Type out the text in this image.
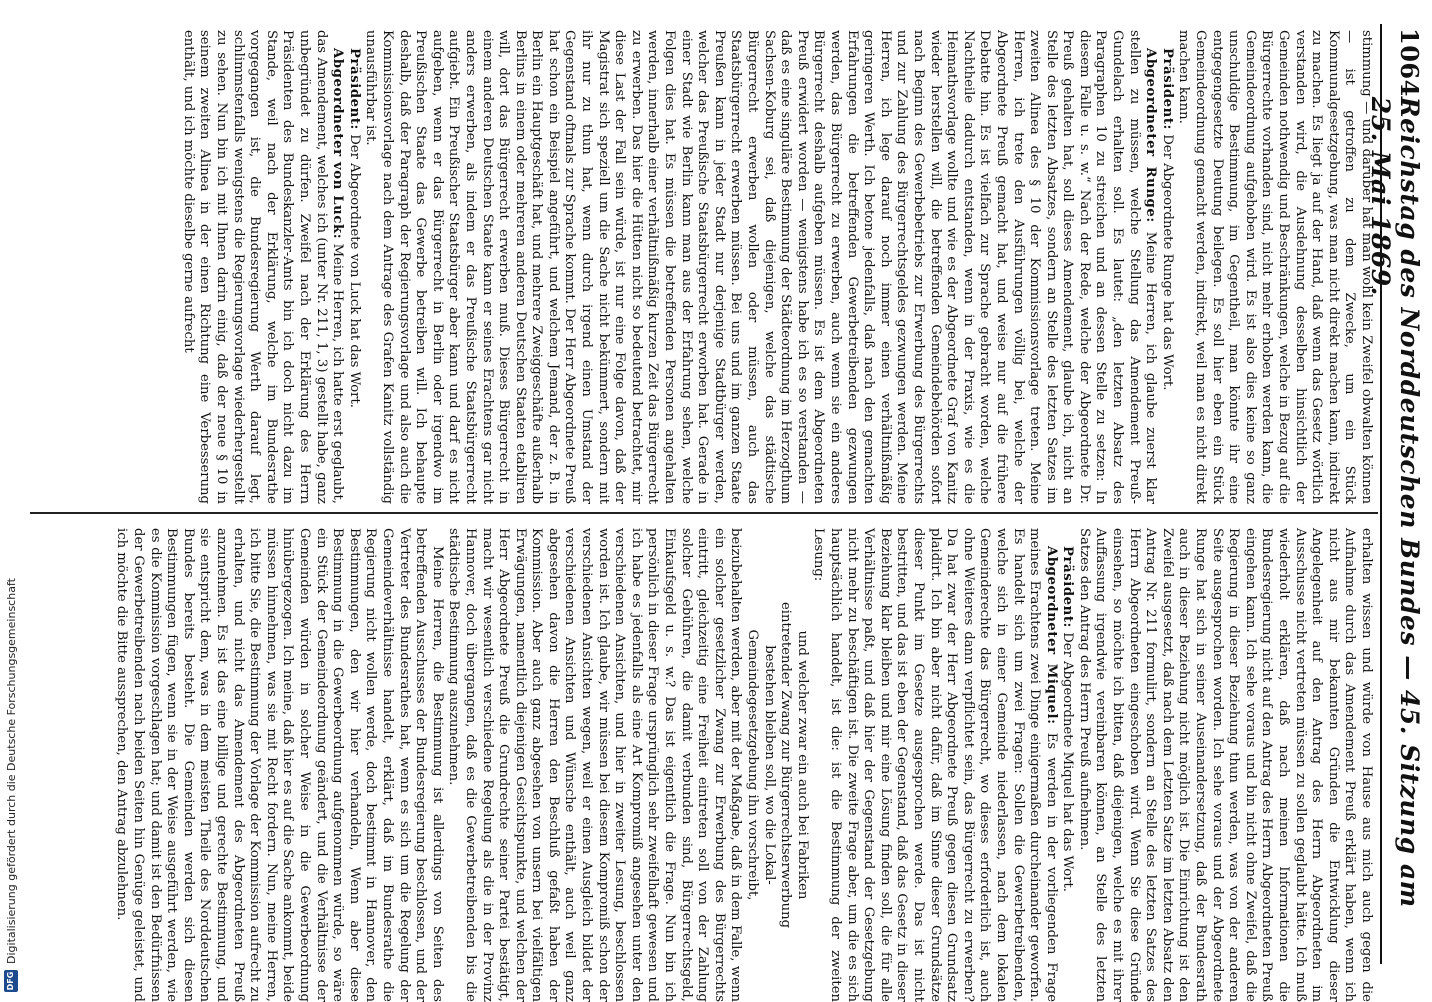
1064
Reichstag des Norddeutschen Bundes — 45. Sitzung am 25. Mai 1869.

stimmung — und darüber hat man wohl kein Zweifel obwalten können — ist getroffen zu dem Zwecke, um ein Stück Kommunalgesetzgebung, was man nicht direkt machen kann, indirekt zu machen. Es liegt ja auf der Hand, daß wenn das Gesetz wörtlich verstanden wird, die Ausdehnung desselben hinsichtlich der Gemeinden nothwendig und Beschränkungen, welche in Bezug auf die Bürgerrechte vorhanden sind, nicht mehr erhoben werden kann, die Gemeindeordnung aufgehoben wird. Es ist also dies keine so ganz unschuldige Bestimmung, im Gegentheil, man könnte ihr eine entgegengesetzte Deutung beilegen. Es soll hier eben ein Stück Gemeindeordnung gemacht werden, indirekt, weil man es nicht direkt machen kann.

Präsident: Der Abgeordnete Runge hat das Wort.

Abgeordneter Runge: Meine Herren, ich glaube zuerst klar stellen zu müssen, welche Stellung das Amendement Preuß-Gundelach erhalten soll. Es lautet: „den letzten Absatz des Paragraphen 10 zu streichen und an dessen Stelle zu setzen: In diesem Falle u. s. w.“ Nach der Rede, welche der Abgeordnete Dr. Preuß gehalten hat, soll dieses Amendement, glaube ich, nicht an Stelle des letzten Absatzes, sondern an Stelle des letzten Satzes im zweiten Alinea des § 10 der Kommissionsvorlage treten. Meine Herren, ich trete den Ausführungen völlig bei, welche der Abgeordnete Preuß gemacht hat, und weise nur auf die frühere Debatte hin. Es ist vielfach zur Sprache gebracht worden, welche Nachtheile dadurch entstanden, wenn in der Praxis, wie es die Heimathsvorlage wollte und wie es der Abgeordnete Graf von Kanitz wieder herstellen will, die betreffenden Gemeindebehörden sofort nach Beginn des Gewerbebetriebs zur Erwerbung des Bürgerrechts und zur Zahlung des Bürgerrechtsgeldes gezwungen werden. Meine Herren, ich lege darauf noch immer einen verhältnißmäßig geringeren Werth. Ich betone jedenfalls, daß nach den gemachten Erfahrungen die betreffenden Gewerbetreibenden gezwungen werden, das Bürgerrecht zu erwerben, auch wenn sie ein anderes Bürgerrecht deshalb aufgeben müssen. Es ist dem Abgeordneten Preuß erwidert worden — wenigstens habe ich es so verstanden — daß es eine singuläre Bestimmung der Städteordnung im Herzogthum Sachsen-Koburg sei, daß diejenigen, welche das städtische Bürgerrecht erwerben wollen oder müssen, auch das Staatsbürgerrecht erwerben müssen. Bei uns und im ganzen Staate Preußen kann in jeder Stadt nur derjenige Stadtbürger werden, welcher das Preußische Staatsbürgerrecht erworben hat. Gerade in einer Stadt wie Berlin kann man aus der Erfahrung sehen, welche Folgen dies hat. Es müssen die betreffenden Personen angehalten werden, innerhalb einer verhältnißmäßig kurzen Zeit das Bürgerrecht zu erwerben. Das hier die Hütten nicht so bedeutend betrachtet, mir diese Last der Fall sein würde, ist nur eine Folge davon, daß der Magistrat sich speziell um die Sache nicht bekümmert, sondern mit ihr nur zu thun hat, wenn durch irgend einen Umstand der Gegenstand oftmals zur Sprache kommt. Der Herr Abgeordnete Preuß hat schon ein Beispiel angeführt, und welchem Jemand, der z. B. in Berlin ein Hauptgeschäft hat, und mehrere Zweiggeschäfte außerhalb Berlins in einem oder mehreren anderen Deutschen Staaten etabliren will, dort das Bürgerrecht erwerben muß. Dieses Bürgerrecht in einem anderen Deutschen Staate kann er seines Erachtens gar nicht anders erwerben, als indem er das Preußische Staatsbürgerrecht aufgiebt. Ein Preußischer Staatsbürger aber kann und darf es nicht aufgeben, wenn er das Bürgerrecht in Berlin oder irgendwo im Preußischen Staate das Gewerbe betreiben will. Ich behaupte deshalb, daß der Paragraph der Regierungsvorlage und also auch die Kommissionsvorlage nach dem Antrage des Grafen Kanitz vollständig unausführbar ist.

Präsident: Der Abgeordnete von Luck hat das Wort.

Abgeordneter von Luck: Meine Herren, ich hatte erst geglaubt, das Amendement, welches ich (unter Nr. 211, 1, 3) gestellt habe, ganz unbegründet zu dürfen. Zweifel nach der Erklärung des Herrn Präsidenten des Bundeskanzler-Amts bin ich doch nicht dazu im Stande, weil nach der Erklärung, welche im Bundesrathe vorgegangen ist, die Bundesregierung Werth darauf legt, schlimmstenfalls wenigstens die Regierungsvorlage wiederhergestellt zu sehen. Nun bin ich mit Ihnen darin einig, daß der neue § 10 in seinem zweiten Alinea in der einen Richtung eine Verbesserung enthält, und ich möchte dieselbe gerne aufrecht

erhalten wissen und würde von Hause aus mich auch gegen die Aufnahme durch das Amendement Preuß erklärt haben, wenn ich nicht aus mir bekannten Gründen die Entwicklung dieser Angelegenheit auf den Antrag des Herrn Abgeordneten im Ausschusse nicht vertreten müssen zu sollen geglaubt hätte. Ich muß wiederholt erklären, daß nach meinen Informationen die Bundesregierung nicht auf den Antrag des Herrn Abgeordneten Preuß eingehen kann. Ich sehe voraus und bin nicht ohne Zweifel, daß die Regierung in dieser Beziehung thun werden, was von der anderen Seite ausgesprochen worden. Ich sehe voraus und der Abgeordnete Runge hat sich in seiner Auseinandersetzung, daß der Bundesrath auch in dieser Beziehung nicht möglich ist. Die Einrichtung ist den Zweifel ausgesetzt, daß nach dem Letzten Satze im letzten Absatz den Antrag Nr. 211 formulirt, sondern an Stelle des letzten Satzes des Herrn Abgeordneten eingeschoben wird. Wenn Sie diese Gründe einsehen, so möchte ich bitten, daß diejenigen, welche es mit ihrer Auffassung irgendwie vereinbaren können, an Stelle des letzten Satzes den Antrag des Herrn Preuß aufnehmen.

Präsident: Der Abgeordnete Miquel hat das Wort.

Abgeordneter Miquel: Es werden in der vorliegenden Frage meines Erachtens zwei Dinge einigermaßen durcheinander geworfen. Es handelt sich um zwei Fragen: Sollen die Gewerbetreibenden, welche sich in einer Gemeinde niederlassen, nach dem lokalen Gemeinderechte das Bürgerrecht, wo dieses erforderlich ist, auch ohne Weiteres dann verpflichtet sein, das Bürgerrecht zu erwerben? Da hat zwar der Herr Abgeordnete Preuß gegen diesen Grundsatz plaidirt. Ich bin aber nicht dafür, daß im Sinne dieser Grundsätze dieser Punkt im Gesetze ausgesprochen werde. Das ist nicht bestritten, und das ist eben der Gegenstand, daß das Gesetz in dieser Beziehung klar bleiben und mir eine Lösung finden soll, die für alle Verhältnisse paßt, und daß hier der Gegenstand der Gesetzgebung nicht mehr zu beschäftigen ist. Die zweite Frage aber, um die es sich hauptsächlich handelt, ist die: ist die Bestimmung der zweiten Lesung:

und welcher zwar ein auch bei Fabriken eintretender Zwang zur Bürgerrechtserwerbung bestehen bleiben soll, wo die Lokal-Gemeindegesetzgebung ihn vorschreibt,

beizubehalten werden, aber mit der Maßgabe, daß in dem Falle, wenn ein solcher gesetzlicher Zwang zur Erwerbung des Bürgerrechts eintritt, gleichzeitig eine Freiheit eintreten soll von der Zahlung solcher Gebühren, die damit verbunden sind, Bürgerrechtsgeld, Einkaufsgeld u. s. w.? Das ist eigentlich die Frage. Nun bin ich persönlich in dieser Frage ursprünglich sehr zweifelhaft gewesen und ich habe es jedenfalls als eine Art Kompromiß angesehen unter den verschiedenen Ansichten, und hier in zweiter Lesung, beschlossen worden ist. Ich glaube, wir müssen bei diesem Kompromiß schon der verschiedenen Ansichten wegen, weil er einen Ausgleich bildet der verschiedenen Ansichten und Wünsche enthält, auch weil ganz abgesehen davon die Herren den Beschluß gefaßt haben der Kommission. Aber auch ganz abgesehen von unsern bei vielfältigen Erwägungen, namentlich diejenigen Gesichtspunkte, und welchen der Herr Abgeordnete Preuß die Grundrechte seiner Partei bestätigt, macht wir wesentlich verschiedene Regelung als die in der Provinz Hannover, doch übergangen, daß es die Gewerbetreibenden bis die städtische Bestimmung auszunehmen.

Meine Herren, die Bestimmung ist allerdings von Seiten des betreffenden Ausschusses der Bundesregierung beschlossen, und der Vertreter des Bundesrathes hat, wenn es sich um die Regelung der Gemeindeverhältnisse handelt, erklärt, daß im Bundesrathe die Regierung nicht wollen werde, doch bestimmt in Hannover, den Bestimmungen, den wir hier verhandeln, Wenn aber diese Bestimmung in die Gewerbeordnung aufgenommen würde, so wäre ein Stück der Gemeindeordnung geändert, und die Verhältnisse der Gemeinden würden in solcher Weise in die Gewerbeordnung hinübergezogen. Ich meine, daß hier es auf die Sache ankommt, beide müssen hinnehmen, was sie mit Recht fordern. Nun, meine Herren, ich bitte Sie, die Bestimmung der Vorlage der Kommission aufrecht zu erhalten, und nicht das Amendement des Abgeordneten Preuß anzunehmen. Es ist das eine billige und gerechte Bestimmung, und sie entspricht dem, was in dem meisten Theile des Norddeutschen Bundes bereits besteht. Die Gemeinden werden sich diesen Bestimmungen fügen, wenn sie in der Weise ausgeführt werden, wie es die Kommission vorgeschlagen hat; und damit ist den Bedürfnissen der Gewerbetreibenden nach beiden Seiten hin Genüge geleistet, und ich möchte die Bitte aussprechen, den Antrag abzulehnen.

DFG
Digitalisierung gefördert durch die Deutsche Forschungsgemeinschaft
